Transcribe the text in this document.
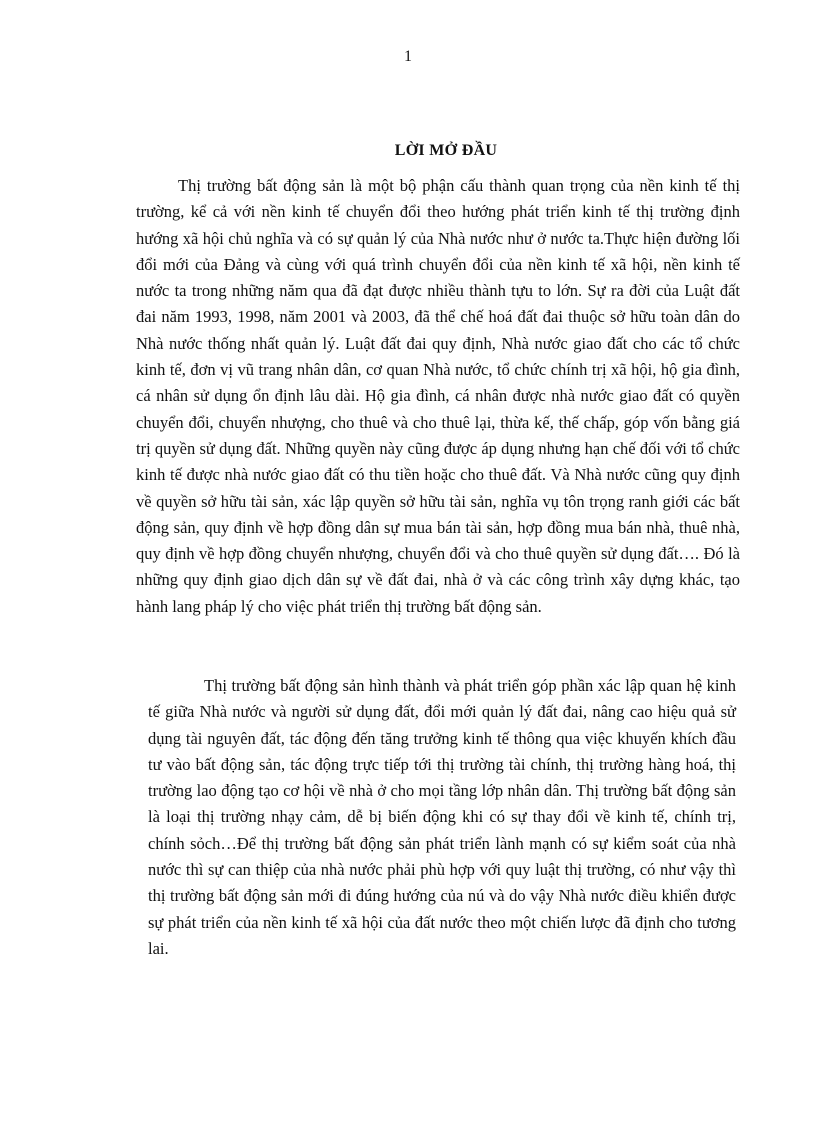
1
LỜI MỞ ĐẦU

Thị trường bất động sản là một bộ phận cấu thành quan trọng của nền kinh tế thị trường, kể cả với nền kinh tế chuyển đổi theo hướng phát triển kinh tế thị trường định hướng xã hội chủ nghĩa và có sự quản lý của Nhà nước như ở nước ta.Thực hiện đường lối đổi mới của Đảng và cùng với quá trình chuyển đổi của nền kinh tế xã hội, nền kinh tế nước ta trong những năm qua đã đạt được nhiều thành tựu to lớn. Sự ra đời của Luật đất đai năm 1993, 1998, năm 2001 và 2003, đã thể chế hoá đất đai thuộc sở hữu toàn dân do Nhà nước thống nhất quản lý. Luật đất đai quy định, Nhà nước giao đất cho các tổ chức kinh tế, đơn vị vũ trang nhân dân, cơ quan Nhà nước, tổ chức chính trị xã hội, hộ gia đình, cá nhân sử dụng ổn định lâu dài. Hộ gia đình, cá nhân được nhà nước giao đất có quyền chuyển đổi, chuyển nhượng, cho thuê và cho thuê lại, thừa kế, thế chấp, góp vốn bằng giá trị quyền sử dụng đất. Những quyền này cũng được áp dụng nhưng hạn chế đối với tổ chức kinh tế được nhà nước giao đất có thu tiền hoặc cho thuê đất. Và Nhà nước cũng quy định về quyền sở hữu tài sản, xác lập quyền sở hữu tài sản, nghĩa vụ tôn trọng ranh giới các bất động sản, quy định về hợp đồng dân sự mua bán tài sản, hợp đồng mua bán nhà, thuê nhà, quy định về hợp đồng chuyển nhượng, chuyển đổi và cho thuê quyền sử dụng đất…. Đó là những quy định giao dịch dân sự về đất đai, nhà ở và các công trình xây dựng khác, tạo hành lang pháp lý cho việc phát triển thị trường bất động sản.

Thị trường bất động sản hình thành và phát triển góp phần xác lập quan hệ kinh tế giữa Nhà nước và người sử dụng đất, đổi mới quản lý đất đai, nâng cao hiệu quả sử dụng tài nguyên đất, tác động đến tăng trưởng kinh tế thông qua việc khuyến khích đầu tư vào bất động sản, tác động trực tiếp tới thị trường tài chính, thị trường hàng hoá, thị trường lao động tạo cơ hội về nhà ở cho mọi tầng lớp nhân dân. Thị trường bất động sản là loại thị trường nhạy cảm, dễ bị biến động khi có sự thay đổi về kinh tế, chính trị, chính sỏch…Để thị trường bất động sản phát triển lành mạnh có sự kiểm soát của nhà nước thì sự can thiệp của nhà nước phải phù hợp với quy luật thị trường, có như vậy thì thị trường bất động sản mới đi đúng hướng của nú và do vậy Nhà nước điều khiển được sự phát triển của nền kinh tế xã hội của đất nước theo một chiến lược đã định cho tương lai.
